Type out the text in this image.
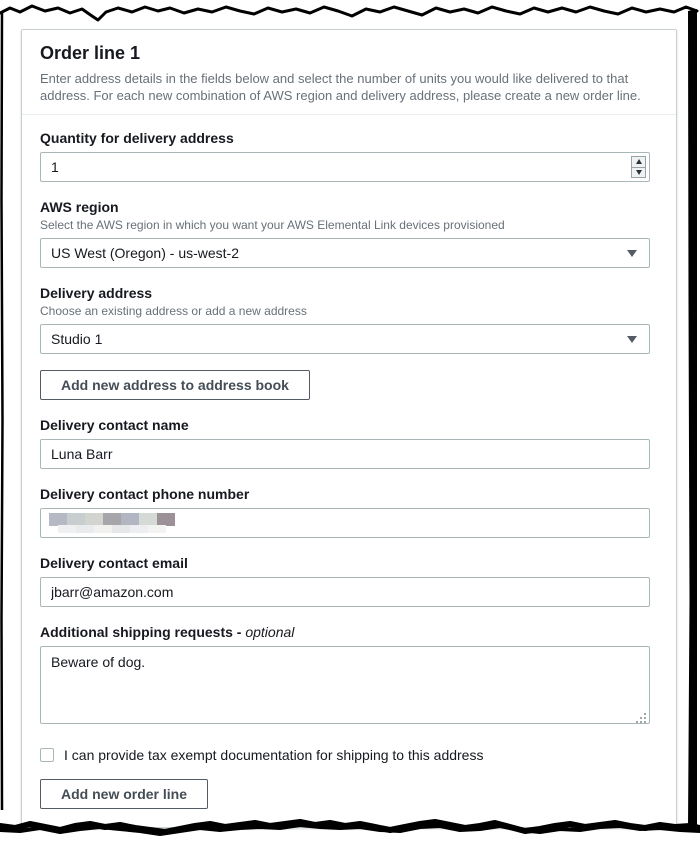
Order line 1

Enter address details in the fields below and select the number of units you would like delivered to that address. For each new combination of AWS region and delivery address, please create a new order line.

Quantity for delivery address
1
AWS region
Select the AWS region in which you want your AWS Elemental Link devices provisioned
US West (Oregon) - us-west-2
Delivery address
Choose an existing address or add a new address
Studio 1
Add new address to address book
Delivery contact name
Luna Barr
Delivery contact phone number
Delivery contact email
jbarr@amazon.com
Additional shipping requests - optional
Beware of dog.
I can provide tax exempt documentation for shipping to this address
Add new order line
